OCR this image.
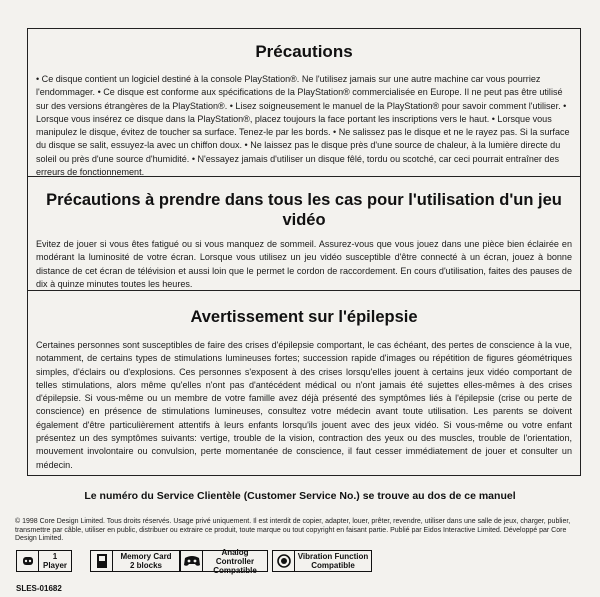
Précautions

• Ce disque contient un logiciel destiné à la console PlayStation®. Ne l'utilisez jamais sur une autre machine car vous pourriez l'endommager. • Ce disque est conforme aux spécifications de la PlayStation® commercialisée en Europe. Il ne peut pas être utilisé sur des versions étrangères de la PlayStation®. • Lisez soigneusement le manuel de la PlayStation® pour savoir comment l'utiliser. • Lorsque vous insérez ce disque dans la PlayStation®, placez toujours la face portant les inscriptions vers le haut. • Lorsque vous manipulez le disque, évitez de toucher sa surface. Tenez-le par les bords. • Ne salissez pas le disque et ne le rayez pas. Si la surface du disque se salit, essuyez-la avec un chiffon doux. • Ne laissez pas le disque près d'une source de chaleur, à la lumière directe du soleil ou près d'une source d'humidité. • N'essayez jamais d'utiliser un disque fêlé, tordu ou scotché, car ceci pourrait entraîner des erreurs de fonctionnement.

Précautions à prendre dans tous les cas pour l'utilisation d'un jeu vidéo

Evitez de jouer si vous êtes fatigué ou si vous manquez de sommeil. Assurez-vous que vous jouez dans une pièce bien éclairée en modérant la luminosité de votre écran. Lorsque vous utilisez un jeu vidéo susceptible d'être connecté à un écran, jouez à bonne distance de cet écran de télévision et aussi loin que le permet le cordon de raccordement. En cours d'utilisation, faites des pauses de dix à quinze minutes toutes les heures.

Avertissement sur l'épilepsie

Certaines personnes sont susceptibles de faire des crises d'épilepsie comportant, le cas échéant, des pertes de conscience à la vue, notamment, de certains types de stimulations lumineuses fortes; succession rapide d'images ou répétition de figures géométriques simples, d'éclairs ou d'explosions. Ces personnes s'exposent à des crises lorsqu'elles jouent à certains jeux vidéo comportant de telles stimulations, alors même qu'elles n'ont pas d'antécédent médical ou n'ont jamais été sujettes elles-mêmes à des crises d'épilepsie. Si vous-même ou un membre de votre famille avez déjà présenté des symptômes liés à l'épilepsie (crise ou perte de conscience) en présence de stimulations lumineuses, consultez votre médecin avant toute utilisation. Les parents se doivent également d'être particulièrement attentifs à leurs enfants lorsqu'ils jouent avec des jeux vidéo. Si vous-même ou votre enfant présentez un des symptômes suivants: vertige, trouble de la vision, contraction des yeux ou des muscles, trouble de l'orientation, mouvement involontaire ou convulsion, perte momentanée de conscience, il faut cesser immédiatement de jouer et consulter un médecin.

Le numéro du Service Clientèle (Customer Service No.) se trouve au dos de ce manuel
© 1998 Core Design Limited. Tous droits réservés. Usage privé uniquement. Il est interdit de copier, adapter, louer, prêter, revendre, utiliser dans une salle de jeux, charger, publier, transmettre par câble, utiliser en public, distribuer ou extraire ce produit, toute marque ou tout copyright en faisant partie. Publié par Eidos Interactive Limited. Développé par Core Design Limited.
1
Player
Memory Card
2 blocks
Analog Controller
Compatible
Vibration Function
Compatible
SLES-01682
